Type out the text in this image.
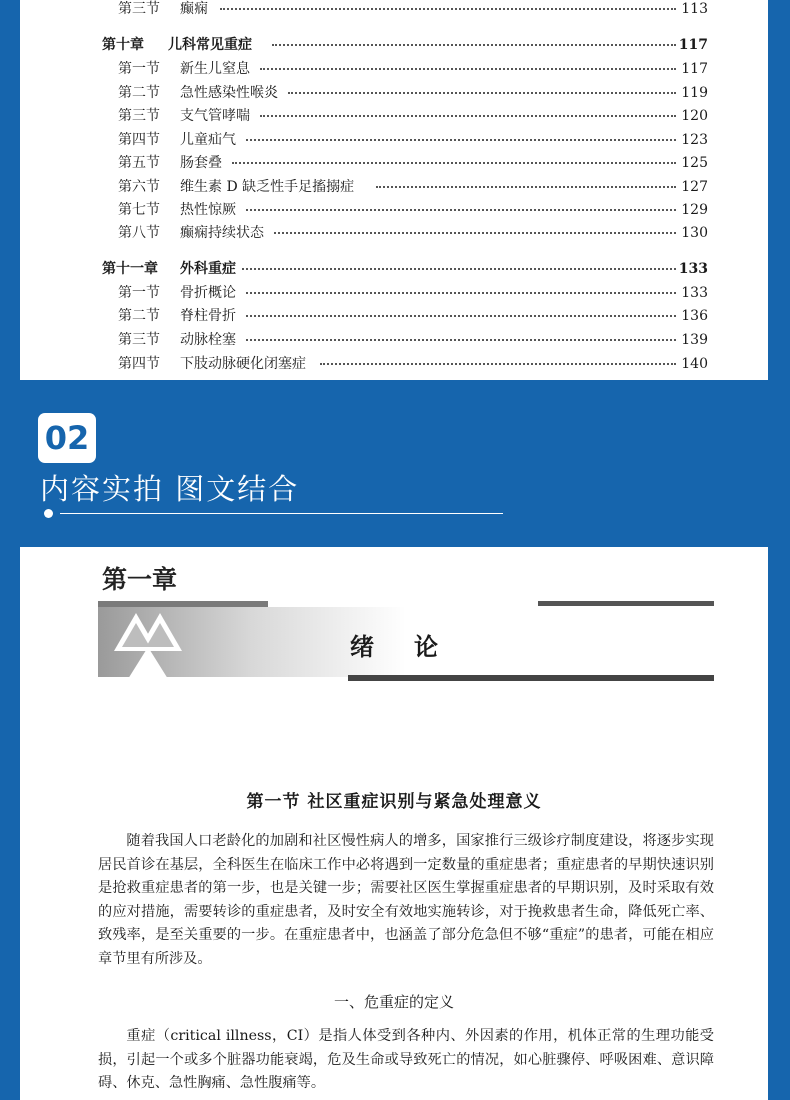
第三节 癫痫	113
第十章 儿科常见重症	117
第一节 新生儿窒息	117
第二节 急性感染性喉炎	119
第三节 支气管哮喘	120
第四节 儿童疝气	123
第五节 肠套叠	125
第六节 维生素 D 缺乏性手足搐搦症	127
第七节 热性惊厥	129
第八节 癫痫持续状态	130
第十一章 外科重症	133
第一节 骨折概论	133
第二节 脊柱骨折	136
第三节 动脉栓塞	139
第四节 下肢动脉硬化闭塞症	140
02
内容实拍 图文结合
第一章
绪论
第一节 社区重症识别与紧急处理意义

随着我国人口老龄化的加剧和社区慢性病人的增多，国家推行三级诊疗制度建设，将逐步实现居民首诊在基层，全科医生在临床工作中必将遇到一定数量的重症患者；重症患者的早期快速识别是抢救重症患者的第一步，也是关键一步；需要社区医生掌握重症患者的早期识别，及时采取有效的应对措施，需要转诊的重症患者，及时安全有效地实施转诊，对于挽救患者生命，降低死亡率、致残率，是至关重要的一步。在重症患者中，也涵盖了部分危急但不够“重症”的患者，可能在相应章节里有所涉及。

一、危重症的定义

重症（critical illness，CI）是指人体受到各种内、外因素的作用，机体正常的生理功能受损，引起一个或多个脏器功能衰竭，危及生命或导致死亡的情况，如心脏骤停、呼吸困难、意识障碍、休克、急性胸痛、急性腹痛等。
